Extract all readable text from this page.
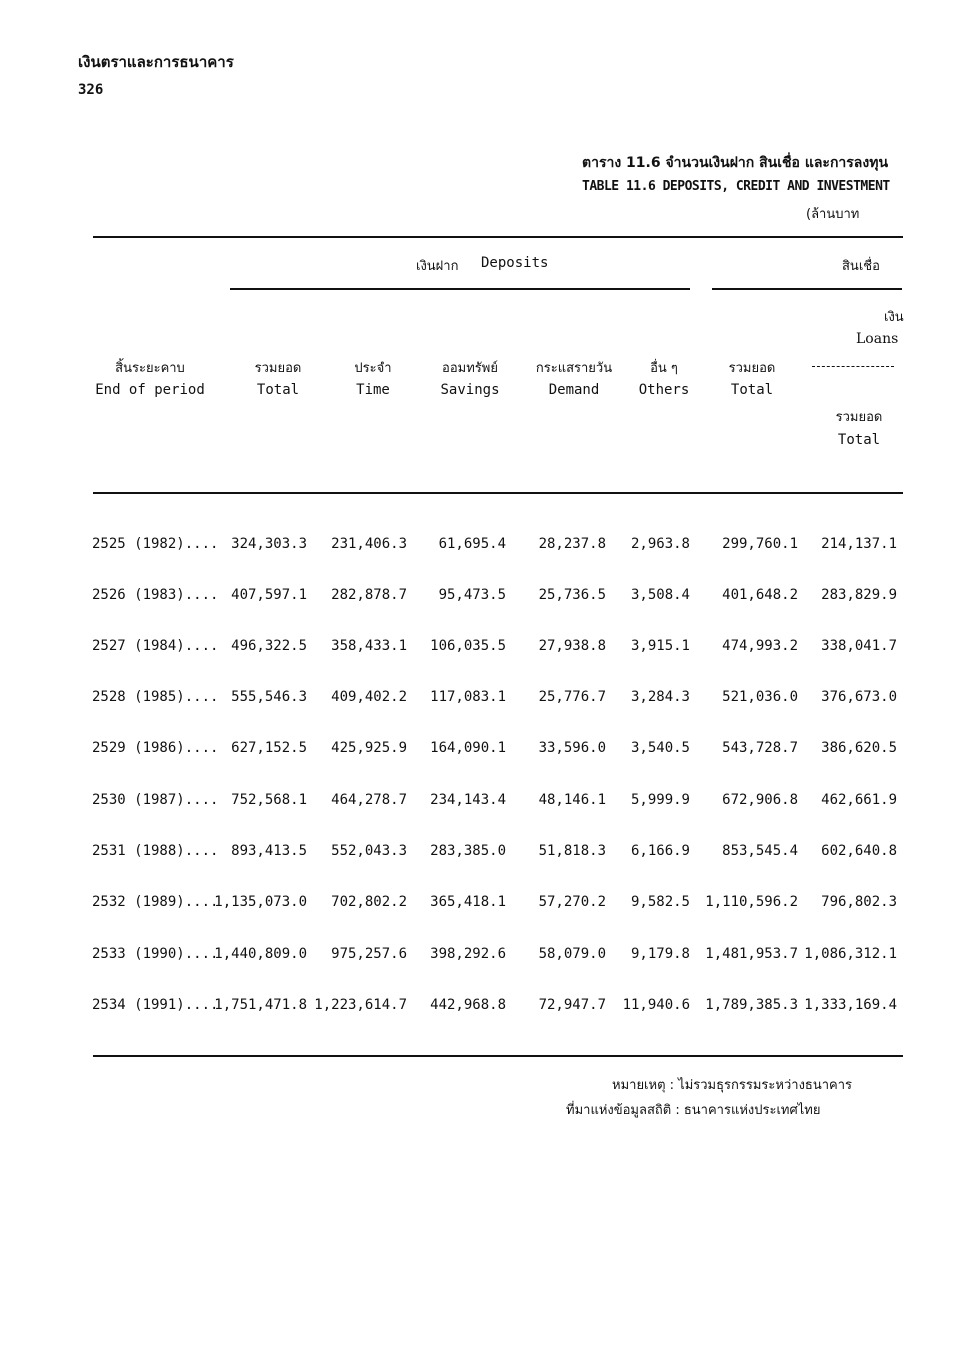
เงินตราและการธนาคาร
326
ตาราง 11.6 จำนวนเงินฝาก สินเชื่อ และการลงทุน
TABLE 11.6 DEPOSITS, CREDIT AND INVESTMENT
(ล้านบาท
เงินฝาก Deposits	สินเชื่อ
เงิน
Loans
สิ้นระยะคาบ
End of period
รวมยอด
Total
ประจำ
Time
ออมทรัพย์
Savings
กระแสรายวัน
Demand
อื่น ๆ
Others
รวมยอด
Total
รวมยอด
Total
2525 (1982).... 324,303.3 231,406.3 61,695.4 28,237.8 2,963.8 299,760.1 214,137.1
2526 (1983).... 407,597.1 282,878.7 95,473.5 25,736.5 3,508.4 401,648.2 283,829.9
2527 (1984).... 496,322.5 358,433.1 106,035.5 27,938.8 3,915.1 474,993.2 338,041.7
2528 (1985).... 555,546.3 409,402.2 117,083.1 25,776.7 3,284.3 521,036.0 376,673.0
2529 (1986).... 627,152.5 425,925.9 164,090.1 33,596.0 3,540.5 543,728.7 386,620.5
2530 (1987).... 752,568.1 464,278.7 234,143.4 48,146.1 5,999.9 672,906.8 462,661.9
2531 (1988).... 893,413.5 552,043.3 283,385.0 51,818.3 6,166.9 853,545.4 602,640.8
2532 (1989)....
1,135,073.0 702,802.2 365,418.1 57,270.2 9,582.5 1,110,596.2 796,802.3
2533 (1990)....
1,440,809.0 975,257.6 398,292.6 58,079.0 9,179.8 1,481,953.7 1,086,312.1
2534 (1991)....
1,751,471.8 1,223,614.7 442,968.8 72,947.7 11,940.6 1,789,385.3 1,333,169.4
หมายเหตุ : ไม่รวมธุรกรรมระหว่างธนาคาร
ที่มาแห่งข้อมูลสถิติ : ธนาคารแห่งประเทศไทย
